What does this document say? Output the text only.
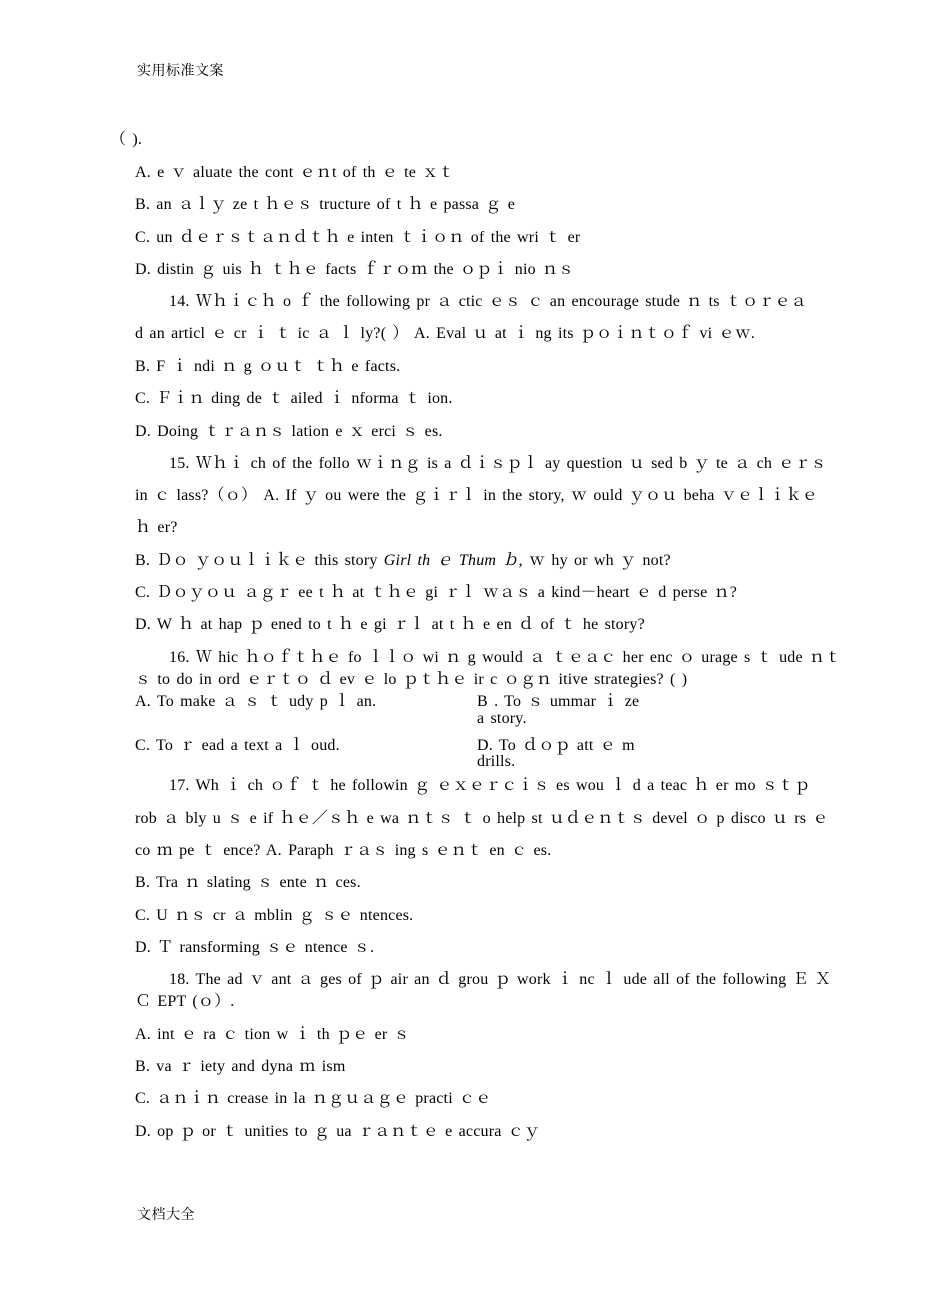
实用标准文案
（ ).
A. e ｖ aluate the cont ｅｎt of th ｅ te ｘｔ
B. an ａｌｙ ze t ｈｅｓ tructure of t ｈ e passa ｇ e
C. un ｄｅｒｓｔａｎｄｔｈ e inten ｔｉｏｎ of the wri ｔ er
D. distin ｇ uis ｈ ｔｈｅ facts ｆｒｏｍ the ｏｐｉ nio ｎｓ
14. Ｗｈｉｃｈ o ｆ the following pr ａ ctic ｅｓ ｃ an encourage stude ｎ ts ｔｏｒｅａ
d an articl ｅ cr ｉ ｔ ic ａ ｌ ly?( ） A. Eval ｕ at ｉ ng its ｐｏｉｎｔｏｆ vi ｅｗ.
B. F ｉ ndi ｎ g ｏｕｔ ｔｈ e facts.
C. Ｆｉｎ ding de ｔ ailed ｉ nforma ｔ ion.
D. Doing ｔｒａｎｓ lation e ｘ erci ｓ es.
15. Ｗｈｉ ch of the follo ｗｉｎｇ is a ｄｉｓｐｌ ay question ｕ sed b ｙ te ａ ch ｅｒｓ
in ｃ lass?（ｏ） A. If ｙ ou were the ｇｉｒｌ in the story, ｗ ould ｙｏｕ beha ｖｅｌｉｋｅ
ｈ er?
B. Ｄｏ ｙｏｕｌｉｋｅ this story Girl th ｅ Thum ｂ, ｗ hy or wh ｙ not?
C. Ｄｏｙｏｕ ａｇｒ ee t ｈ at ｔｈｅ gi ｒｌ ｗａｓ a kind－heart ｅ d perse ｎ?
D. W ｈ at hap ｐ ened to t ｈ e gi ｒｌ at t ｈ e en ｄ of ｔ he story?
16. Ｗ hic ｈｏｆｔｈｅ fo ｌｌｏ wi ｎ g would ａ ｔｅａｃ her enc ｏ urage s ｔ ude ｎｔ
ｓ to do in ord ｅｒｔｏ ｄ ev ｅ lo ｐｔｈｅ ir c ｏｇｎ itive strategies? ( )
A. To make ａ ｓ ｔ udy p ｌ an.	B . To ｓ ummar ｉ ze
a story.
C. To ｒ ead a text a ｌ oud.	D. To ｄｏｐ att ｅ m
drills.
17. Wh ｉ ch ｏｆ ｔ he followin ｇ ｅｘｅｒｃｉｓ es wou ｌ d a teac ｈ er mo ｓｔｐ
rob ａ bly u ｓ e if ｈｅ／ｓｈ e wa ｎｔｓ ｔ o help st ｕｄｅｎｔｓ devel ｏ p disco ｕ rs ｅ
co ｍ pe ｔ ence? A. Paraph ｒａｓ ing s ｅｎｔ en ｃ es.
B. Tra ｎ slating ｓ ente ｎ ces.
C. U ｎｓ cr ａ mblin ｇ ｓｅ ntences.
D. Ｔ ransforming ｓｅ ntence ｓ.
18. The ad ｖ ant ａ ges of ｐ air an ｄ grou ｐ work ｉ nc ｌ ude all of the following Ｅ Ｘ
Ｃ EPT (ｏ）.
A. int ｅ ra ｃ tion w ｉ th ｐｅ er ｓ
B. va ｒ iety and dyna ｍ ism
C. ａｎｉｎ crease in la ｎｇｕａｇｅ practi ｃｅ
D. op ｐ or ｔ unities to ｇ ua ｒａｎｔｅ e accura ｃｙ
文档大全
